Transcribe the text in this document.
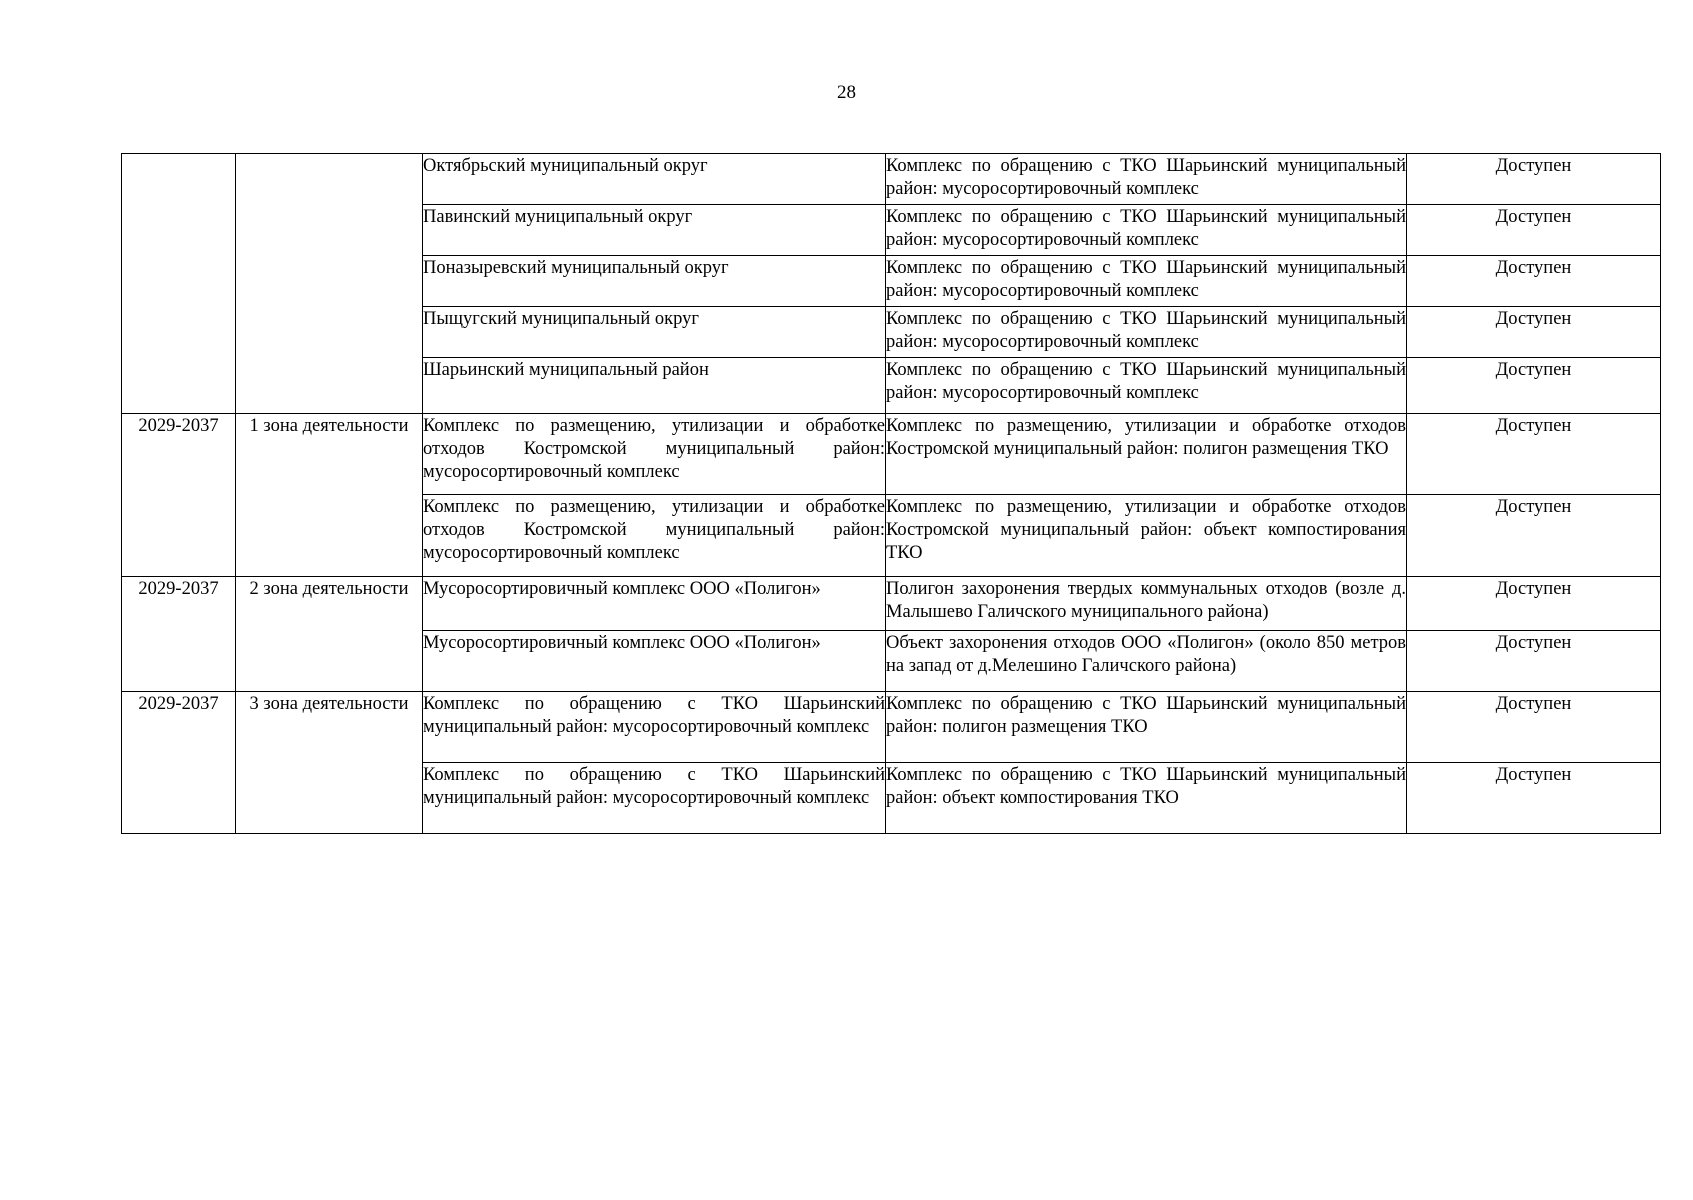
28
		Октябрьский муниципальный округ	Комплекс по обращению с ТКО Шарьинский муниципальный район: мусоросортировочный комплекс	Доступен
		Павинский муниципальный округ	Комплекс по обращению с ТКО Шарьинский муниципальный район: мусоросортировочный комплекс	Доступен
		Поназыревский муниципальный округ	Комплекс по обращению с ТКО Шарьинский муниципальный район: мусоросортировочный комплекс	Доступен
		Пыщугский муниципальный округ	Комплекс по обращению с ТКО Шарьинский муниципальный район: мусоросортировочный комплекс	Доступен
		Шарьинский муниципальный район	Комплекс по обращению с ТКО Шарьинский муниципальный район: мусоросортировочный комплекс	Доступен
2029-2037	1 зона деятельности	Комплекс по размещению, утилизации и обработке отходов Костромской муниципальный район: мусоросортировочный комплекс	Комплекс по размещению, утилизации и обработке отходов Костромской муниципальный район: полигон размещения ТКО	Доступен
		Комплекс по размещению, утилизации и обработке отходов Костромской муниципальный район: мусоросортировочный комплекс	Комплекс по размещению, утилизации и обработке отходов Костромской муниципальный район: объект компостирования ТКО	Доступен
2029-2037	2 зона деятельности	Мусоросортировичный комплекс ООО «Полигон»	Полигон захоронения твердых коммунальных отходов (возле д. Малышево Галичского муниципального района)	Доступен
		Мусоросортировичный комплекс ООО «Полигон»	Объект захоронения отходов ООО «Полигон» (около 850 метров на запад от д.Мелешино Галичского района)	Доступен
2029-2037	3 зона деятельности	Комплекс по обращению с ТКО Шарьинский муниципальный район: мусоросортировочный комплекс	Комплекс по обращению с ТКО Шарьинский муниципальный район: полигон размещения ТКО	Доступен
		Комплекс по обращению с ТКО Шарьинский муниципальный район: мусоросортировочный комплекс	Комплекс по обращению с ТКО Шарьинский муниципальный район: объект компостирования ТКО	Доступен
